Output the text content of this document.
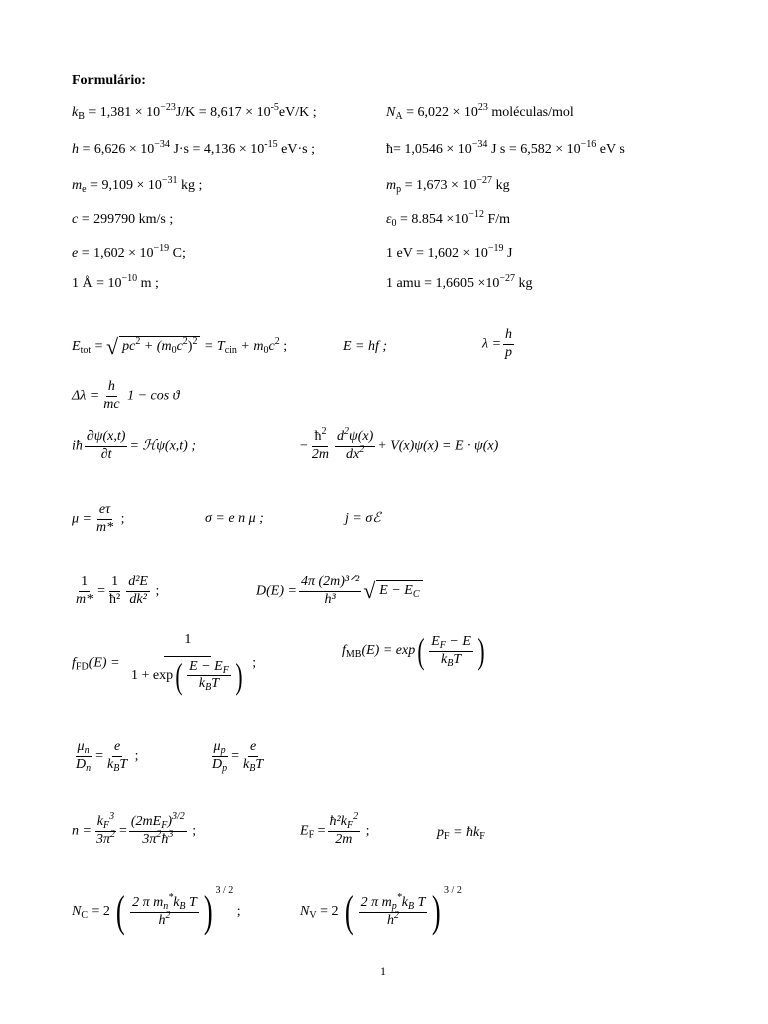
Formulário:
$k_B = 1,381 \times 10^{-23}J/K = 8,617 \times 10^{-5}eV/K$ ;	$N_A = 6,022 \times 10^{23}$ moléculas/mol
$h = 6,626 \times 10^{-34}$ $J\cdot s = 4,136 \times 10^{-15}$ eV·s ;	ħ= $1,0546 \times 10^{-34}$ J $s = 6,582 \times 10^{-16}$ eV s
$m_e = 9,109 \times 10^{-31}$ kg ;	$m_p = 1,673 \times 10^{-27}$ kg
c = 299790 km/s ;	$\varepsilon_0 = 8.854 \times 10^{-12}$ F/m
$e = 1,602 \times 10^{-19}$ C;	1 eV = $1,602 \times 10^{-19}$ J
1 Å = $10^{-10}$ m ;	1 amu = $1,6605 \times 10^{-27}$ kg
$E_{tot}$ = √ $pc^2 + (m_0c^2)^2 = T_{cin} + m_0c^2$ ;	E = hf ;	$\lambda = \frac{h}{p}$
$\Delta\lambda = \frac{h}{mc} 1 - \cos ϑ$
iħ $\frac{\partial\psi(x,t)}{\partial t}$ = ℋψ(x,t) ;	− $\frac{ħ^2}{2m} \frac{d^2\psi(x)}{dx^2} + V(x)\psi(x) = E \cdot \psi(x)$
$\mu = \frac{e\tau}{m*}$ ;	σ = e n μ ;	j = σℰ
$\frac{1}{m*} = \frac{1}{\text{ħ²}} \frac{\text{d²E}}{\text{dk²}}$ ;	$D(E) = \frac{\text{4π (2m)³ᐟ²}}{\text{h³}}$ √ $E - E_C$
$f_{FD}(E) = \frac{1}{1 + \exp( \frac{E - E_F}{k_BT} )}$ ;
$f_{MB}(E) = \exp( \frac{E_F - E}{k_BT}$ )
$\frac{\mu_n}{D_n} = \frac{e}{k_BT}$ ;	$\frac{\mu_p}{D_p} = \frac{e}{k_BT}$
$n = \frac{k_F^3}{3\pi^2} = \frac{(2mE_F)^{3/2}}{3\pi^2ħ^3}$ ;	$E_F = \frac{ħ^2k_F^2}{2m}$ ;	$p_F$ = $ħk_F$
$N_C = 2$ ( $\frac{2 \pi m_n^*k_B T}{h^2}$ ) $^{3 / 2}$ ;	$N_V = 2$ ( $\frac{2 \pi m_p^*k_B T}{h^2}$ ) $^{3 / 2}$
1
